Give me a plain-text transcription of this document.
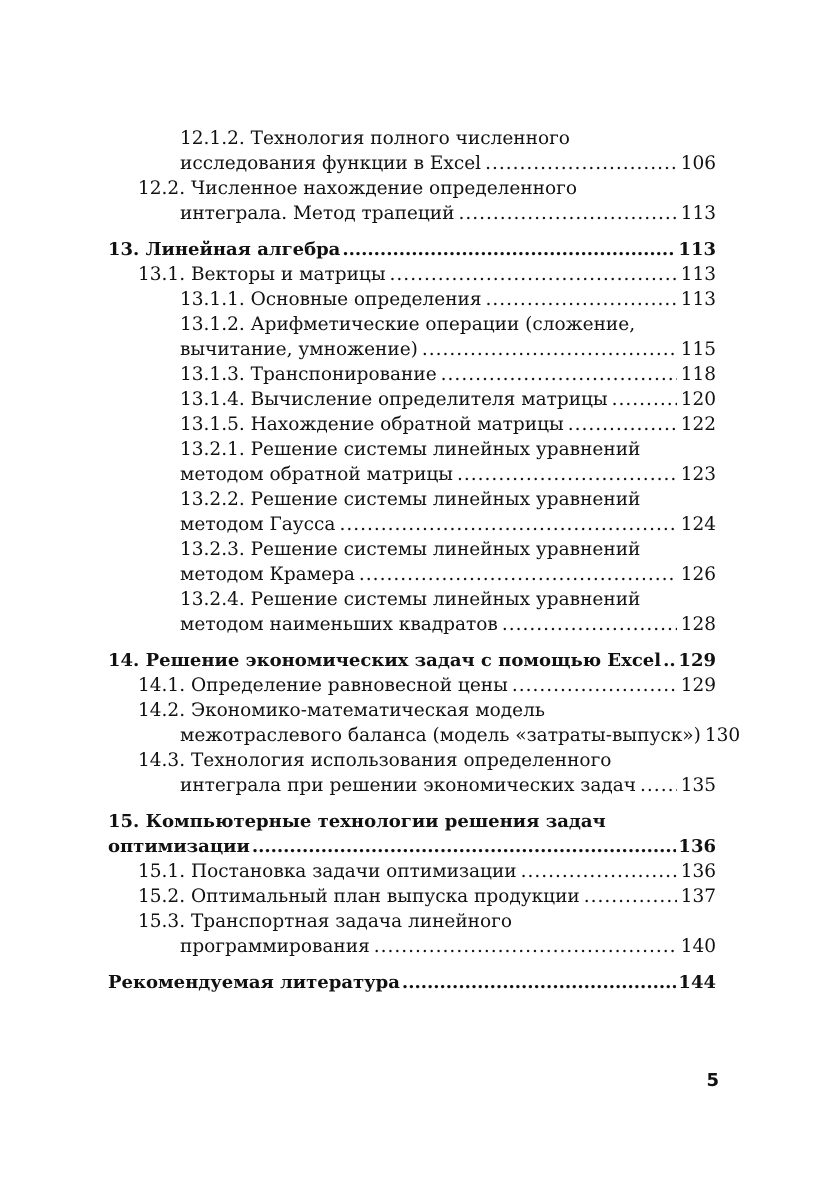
12.1.2. Технология полного численного
исследования функции в Excel .....	106
12.2. Численное нахождение определенного
интеграла. Метод трапеций .....	113
13. Линейная алгебра .....	113
13.1. Векторы и матрицы .....	113
13.1.1. Основные определения .....	113
13.1.2. Арифметические операции (сложение,
вычитание, умножение) .....	115
13.1.3. Транспонирование .....	118
13.1.4. Вычисление определителя матрицы .....	120
13.1.5. Нахождение обратной матрицы .....	122
13.2.1. Решение системы линейных уравнений
методом обратной матрицы .....	123
13.2.2. Решение системы линейных уравнений
методом Гаусса .....	124
13.2.3. Решение системы линейных уравнений
методом Крамера .....	126
13.2.4. Решение системы линейных уравнений
методом наименьших квадратов .....	128
14. Решение экономических задач с помощью Excel ..... 129
14.1. Определение равновесной цены .....	129
14.2. Экономико-математическая модель
межотраслевого баланса (модель «затраты-выпуск») 130
14.3. Технология использования определенного
интеграла при решении экономических задач ..... 135
15. Компьютерные технологии решения задач
оптимизации .....	136
15.1. Постановка задачи оптимизации .....	136
15.2. Оптимальный план выпуска продукции .....	137
15.3. Транспортная задача линейного
программирования .....	140
Рекомендуемая литература .....	144
5
